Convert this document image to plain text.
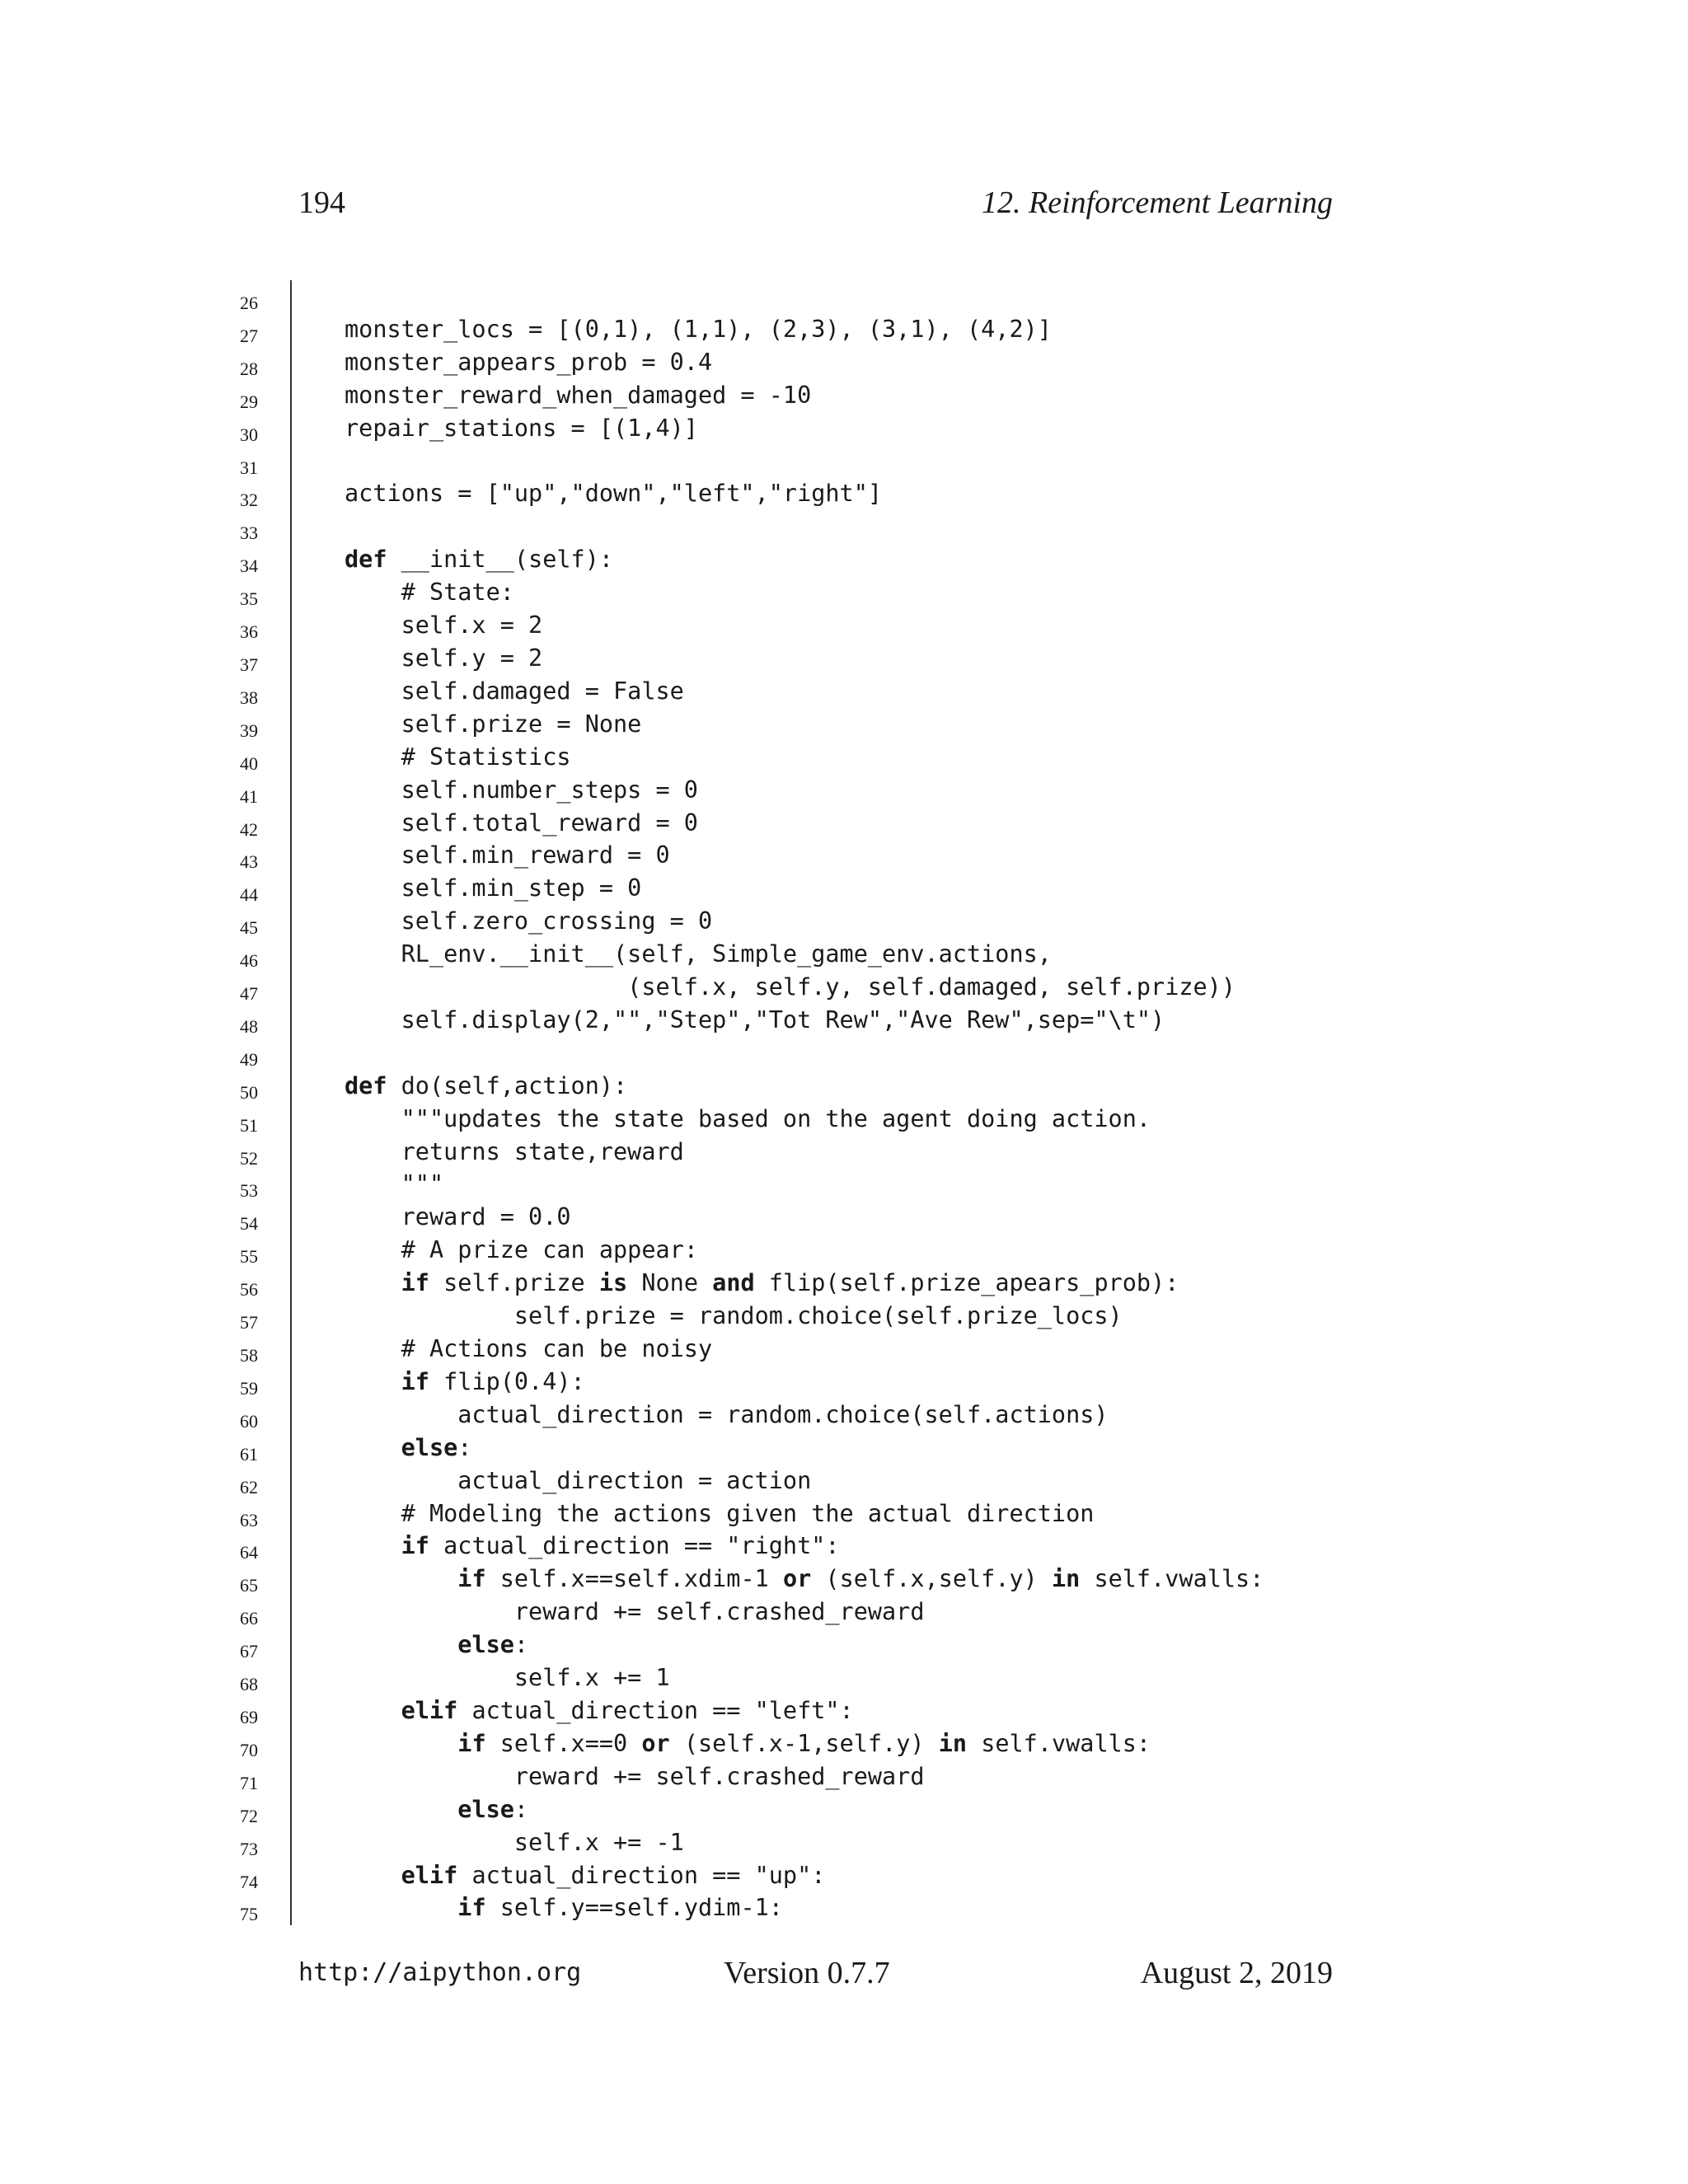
194	12. Reinforcement Learning
26
27	monster_locs = [(0,1), (1,1), (2,3), (3,1), (4,2)]
28	monster_appears_prob = 0.4
29	monster_reward_when_damaged = -10
30	repair_stations = [(1,4)]
31
32	actions = ["up","down","left","right"]
33
34	def __init__(self):
35	# State:
36	self.x = 2
37	self.y = 2
38	self.damaged = False
39	self.prize = None
40	# Statistics
41	self.number_steps = 0
42	self.total_reward = 0
43	self.min_reward = 0
44	self.min_step = 0
45	self.zero_crossing = 0
46	RL_env.__init__(self, Simple_game_env.actions,
47	(self.x, self.y, self.damaged, self.prize))
48	self.display(2,"","Step","Tot Rew","Ave Rew",sep="\t")
49
50	def do(self,action):
51	"""updates the state based on the agent doing action.
52	returns state,reward
53	"""
54	reward = 0.0
55	# A prize can appear:
56	if self.prize is None and flip(self.prize_apears_prob):
57	self.prize = random.choice(self.prize_locs)
58	# Actions can be noisy
59	if flip(0.4):
60	actual_direction = random.choice(self.actions)
61	else:
62	actual_direction = action
63	# Modeling the actions given the actual direction
64	if actual_direction == "right":
65	if self.x==self.xdim-1 or (self.x,self.y) in self.vwalls:
66	reward += self.crashed_reward
67	else:
68	self.x += 1
69	elif actual_direction == "left":
70	if self.x==0 or (self.x-1,self.y) in self.vwalls:
71	reward += self.crashed_reward
72	else:
73	self.x += -1
74	elif actual_direction == "up":
75	if self.y==self.ydim-1:
http://aipython.org	Version 0.7.7	August 2, 2019
